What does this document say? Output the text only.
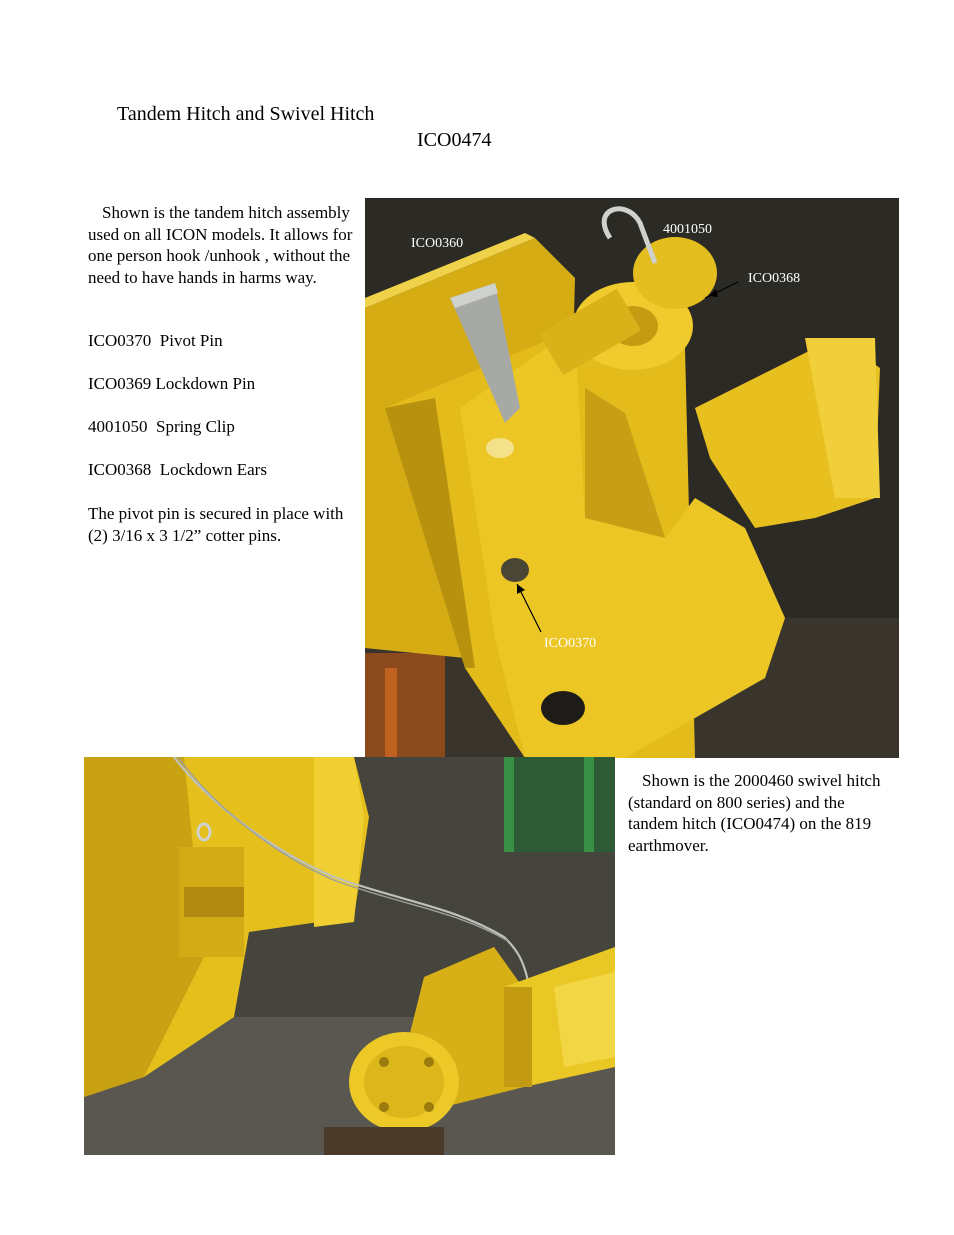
Tandem Hitch and Swivel Hitch
ICO0474

Shown is the tandem hitch assembly used on all ICON models. It allows for one person hook /unhook , without the need to have hands in harms way.

ICO0370 Pivot Pin
ICO0369 Lockdown Pin
4001050 Spring Clip
ICO0368 Lockdown Ears
The pivot pin is secured in place with (2) 3/16 x 3 1/2” cotter pins.
ICO0360
4001050
ICO0368
ICO0370
Shown is the 2000460 swivel hitch (standard on 800 series) and the tandem hitch (ICO0474) on the 819 earthmover.
